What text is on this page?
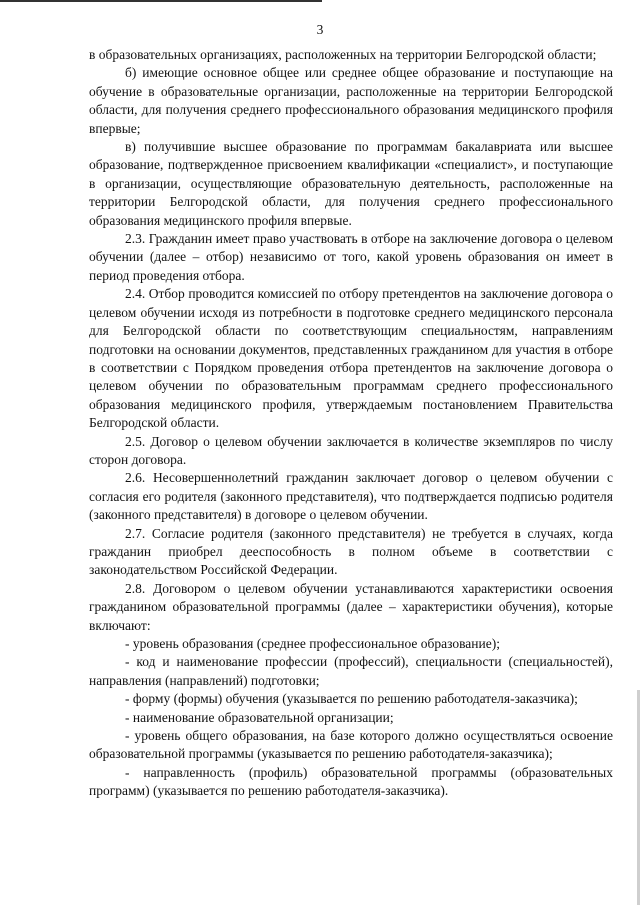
3

в образовательных организациях, расположенных на территории Белгородской области;

б) имеющие основное общее или среднее общее образование и поступающие на обучение в образовательные организации, расположенные на территории Белгородской области, для получения среднего профессионального образования медицинского профиля впервые;

в) получившие высшее образование по программам бакалавриата или высшее образование, подтвержденное присвоением квалификации «специалист», и поступающие в организации, осуществляющие образовательную деятельность, расположенные на территории Белгородской области, для получения среднего профессионального образования медицинского профиля впервые.

2.3. Гражданин имеет право участвовать в отборе на заключение договора о целевом обучении (далее – отбор) независимо от того, какой уровень образования он имеет в период проведения отбора.

2.4. Отбор проводится комиссией по отбору претендентов на заключение договора о целевом обучении исходя из потребности в подготовке среднего медицинского персонала для Белгородской области по соответствующим специальностям, направлениям подготовки на основании документов, представленных гражданином для участия в отборе в соответствии с Порядком проведения отбора претендентов на заключение договора о целевом обучении по образовательным программам среднего профессионального образования медицинского профиля, утверждаемым постановлением Правительства Белгородской области.

2.5. Договор о целевом обучении заключается в количестве экземпляров по числу сторон договора.

2.6. Несовершеннолетний гражданин заключает договор о целевом обучении с согласия его родителя (законного представителя), что подтверждается подписью родителя (законного представителя) в договоре о целевом обучении.

2.7. Согласие родителя (законного представителя) не требуется в случаях, когда гражданин приобрел дееспособность в полном объеме в соответствии с законодательством Российской Федерации.

2.8. Договором о целевом обучении устанавливаются характеристики освоения гражданином образовательной программы (далее – характеристики обучения), которые включают:

- уровень образования (среднее профессиональное образование);

- код и наименование профессии (профессий), специальности (специальностей), направления (направлений) подготовки;

- форму (формы) обучения (указывается по решению работодателя-заказчика);

- наименование образовательной организации;

- уровень общего образования, на базе которого должно осуществляться освоение образовательной программы (указывается по решению работодателя-заказчика);

- направленность (профиль) образовательной программы (образовательных программ) (указывается по решению работодателя-заказчика).
